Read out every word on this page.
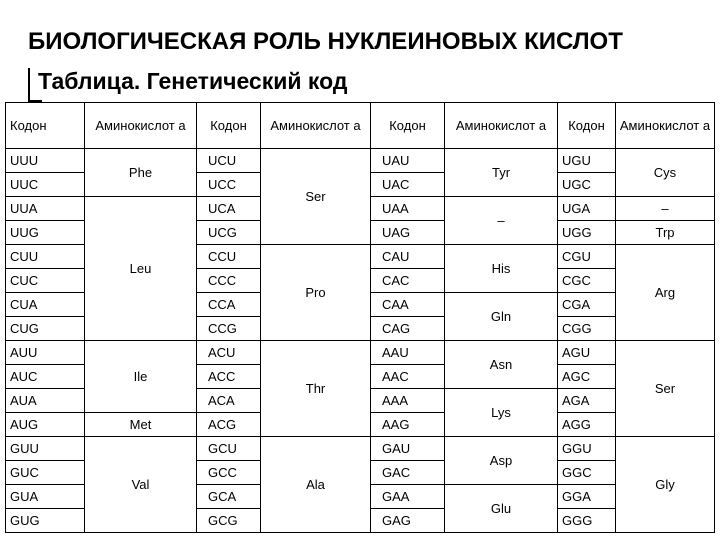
БИОЛОГИЧЕСКАЯ РОЛЬ НУКЛЕИНОВЫХ КИСЛОТ
Таблица. Генетический код
Кодон	Аминокислот а	Кодон	Аминокислот а	Кодон	Аминокислот а	Кодон	Аминокислот а
UUU	Phe	UCU	Ser	UAU	Tyr	UGU	Cys
UUC		UCC		UAC		UGC	
UUA	Leu	UCA		UAA	–	UGA	–
UUG		UCG		UAG		UGG	Trp
CUU		CCU	Pro	CAU	His	CGU	Arg
CUC		CCC		CAC		CGC	
CUA		CCA		CAA	Gln	CGA	
CUG		CCG		CAG		CGG	
AUU	Ile	ACU	Thr	AAU	Asn	AGU	Ser
AUC		ACC		AAC		AGC	
AUA		ACA		AAA	Lys	AGA	
AUG	Met	ACG		AAG		AGG	
GUU	Val	GCU	Ala	GAU	Asp	GGU	Gly
GUC		GCC		GAC		GGC	
GUA		GCA		GAA	Glu	GGA	
GUG		GCG		GAG		GGG	
